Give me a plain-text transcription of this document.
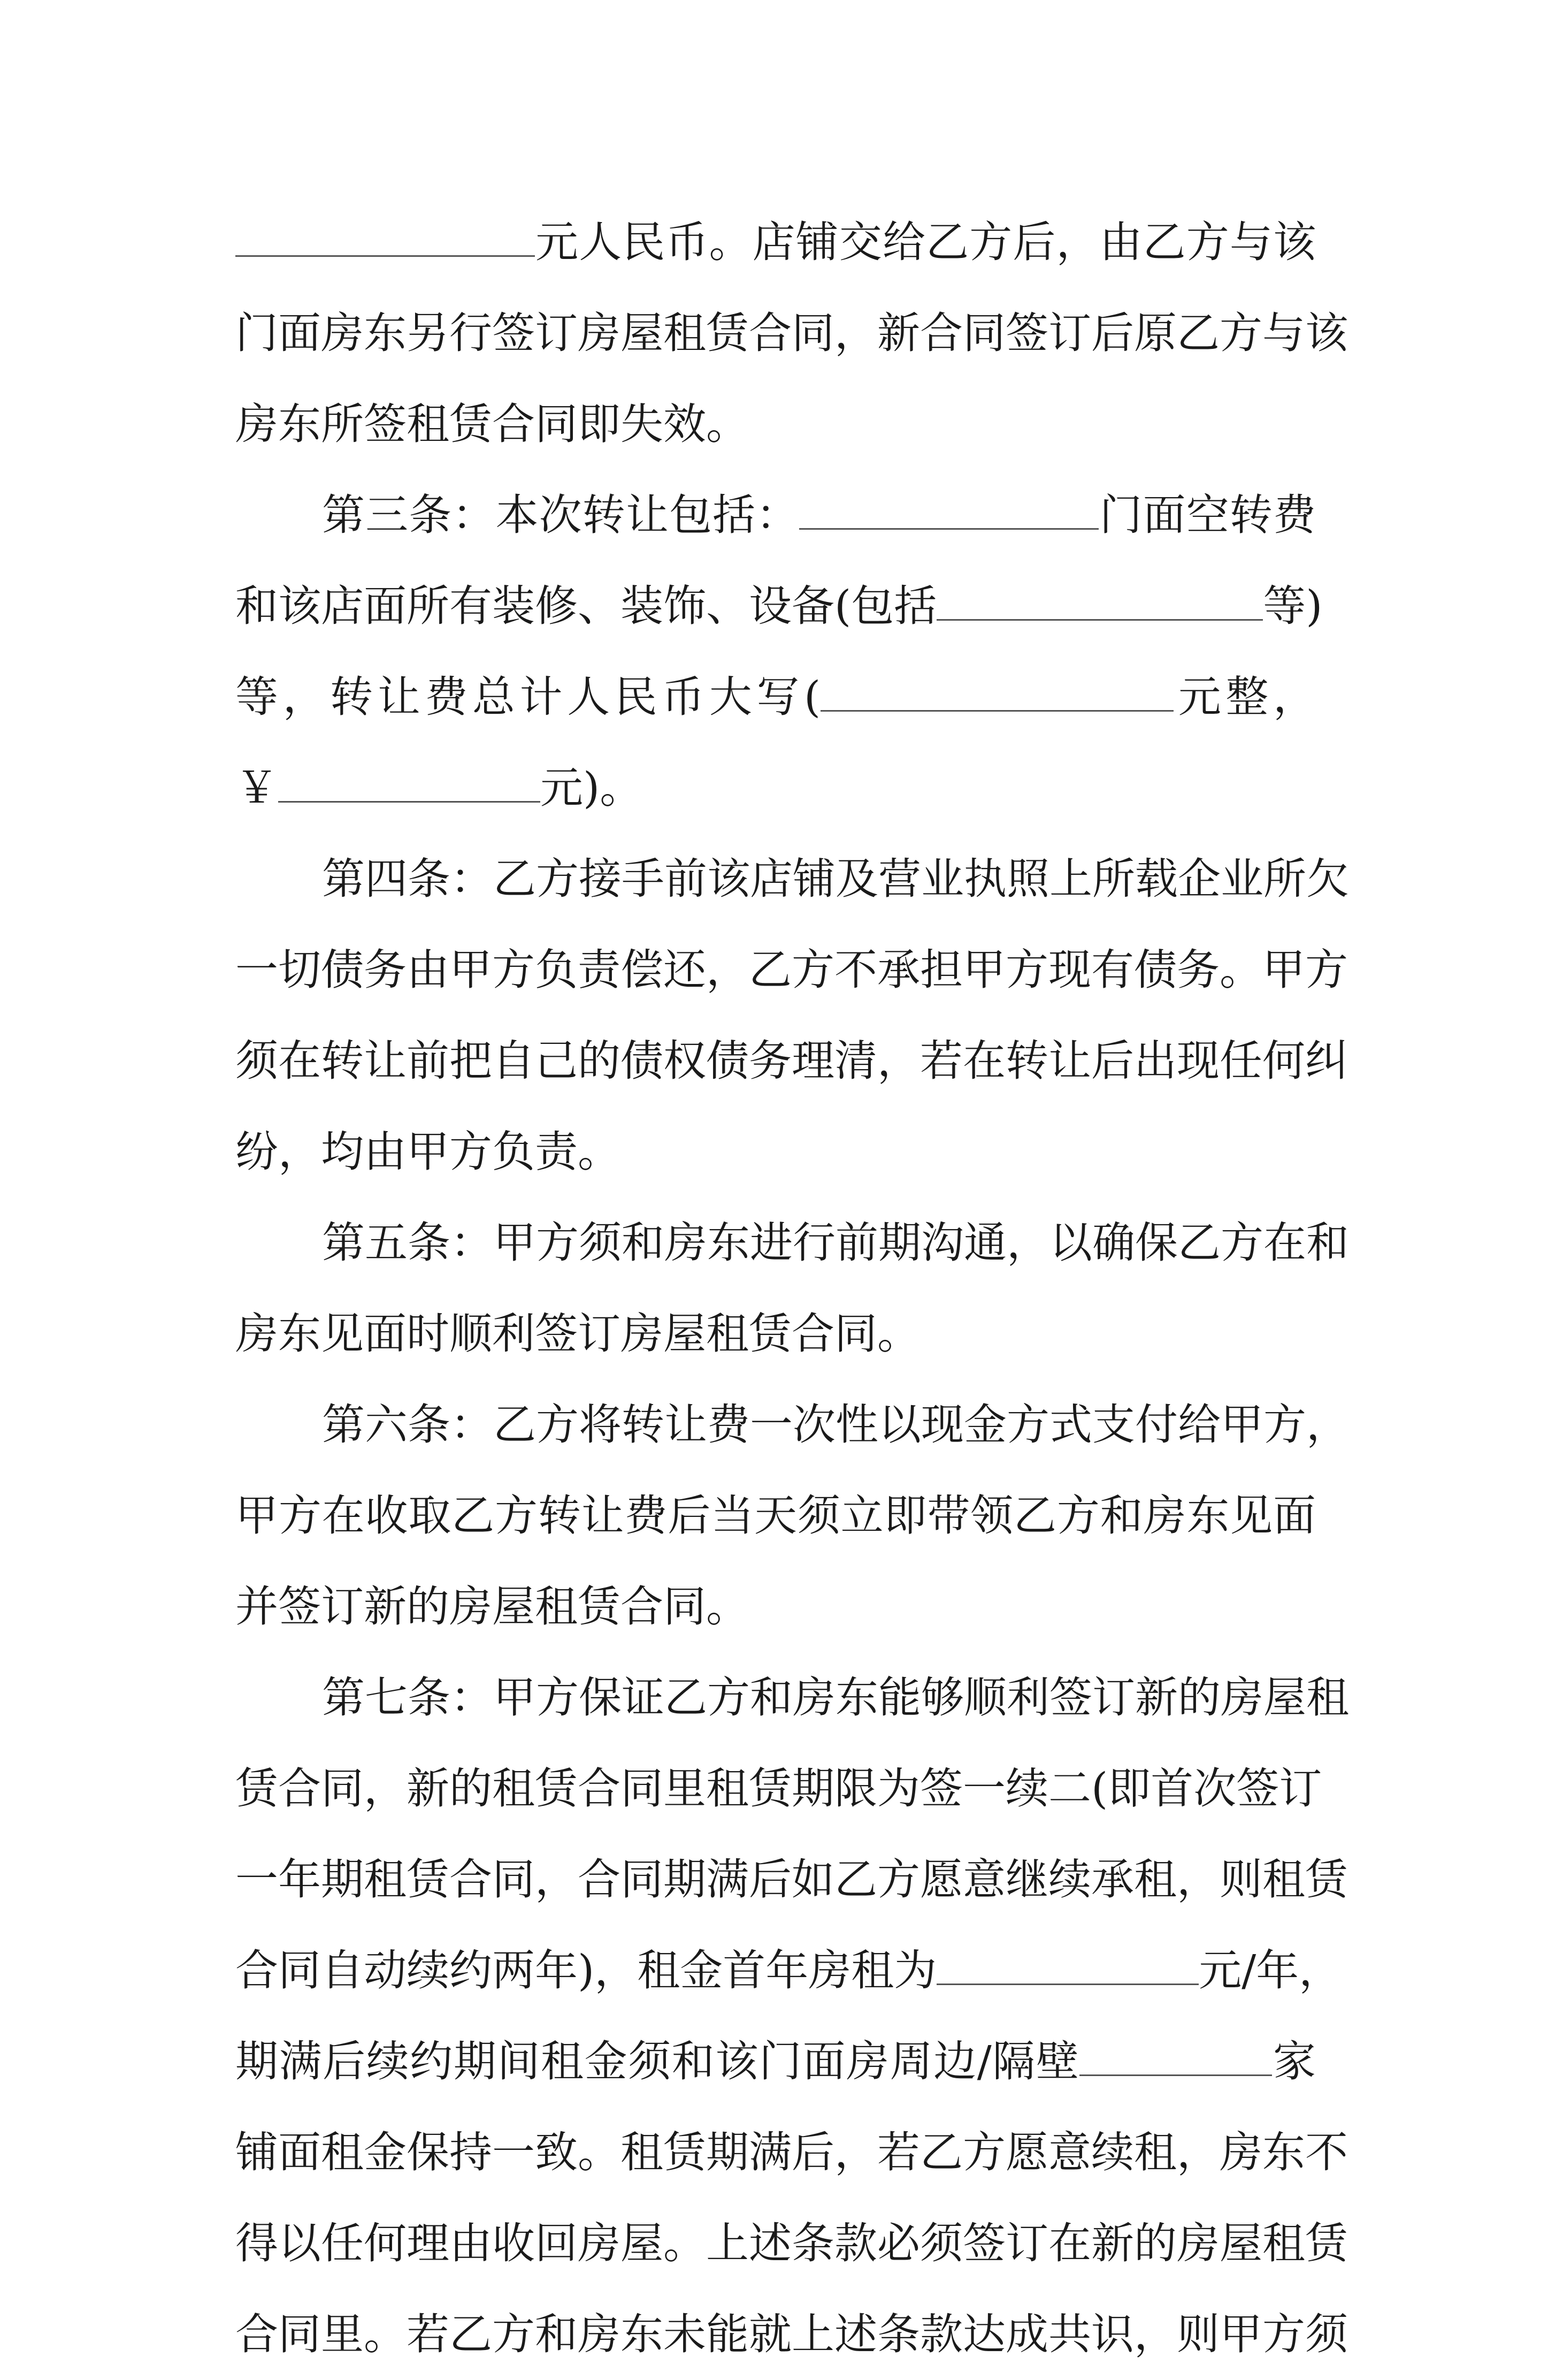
元人民币。店铺交给乙方后，由乙方与该
门面房东另行签订房屋租赁合同，新合同签订后原乙方与该
房东所签租赁合同即失效。
第三条：本次转让包括：	门面空转费
和该店面所有装修、装饰、设备(包括	等)
等，转让费总计人民币大写(	元整，
￥	元)。
第四条：乙方接手前该店铺及营业执照上所载企业所欠
一切债务由甲方负责偿还，乙方不承担甲方现有债务。甲方
须在转让前把自己的债权债务理清，若在转让后出现任何纠
纷，均由甲方负责。
第五条：甲方须和房东进行前期沟通，以确保乙方在和
房东见面时顺利签订房屋租赁合同。
第六条：乙方将转让费一次性以现金方式支付给甲方，
甲方在收取乙方转让费后当天须立即带领乙方和房东见面
并签订新的房屋租赁合同。
第七条：甲方保证乙方和房东能够顺利签订新的房屋租
赁合同，新的租赁合同里租赁期限为签一续二(即首次签订
一年期租赁合同，合同期满后如乙方愿意继续承租，则租赁
合同自动续约两年)，租金首年房租为	元/年，
期满后续约期间租金须和该门面房周边/隔壁	家
铺面租金保持一致。租赁期满后，若乙方愿意续租，房东不
得以任何理由收回房屋。上述条款必须签订在新的房屋租赁
合同里。若乙方和房东未能就上述条款达成共识，则甲方须
